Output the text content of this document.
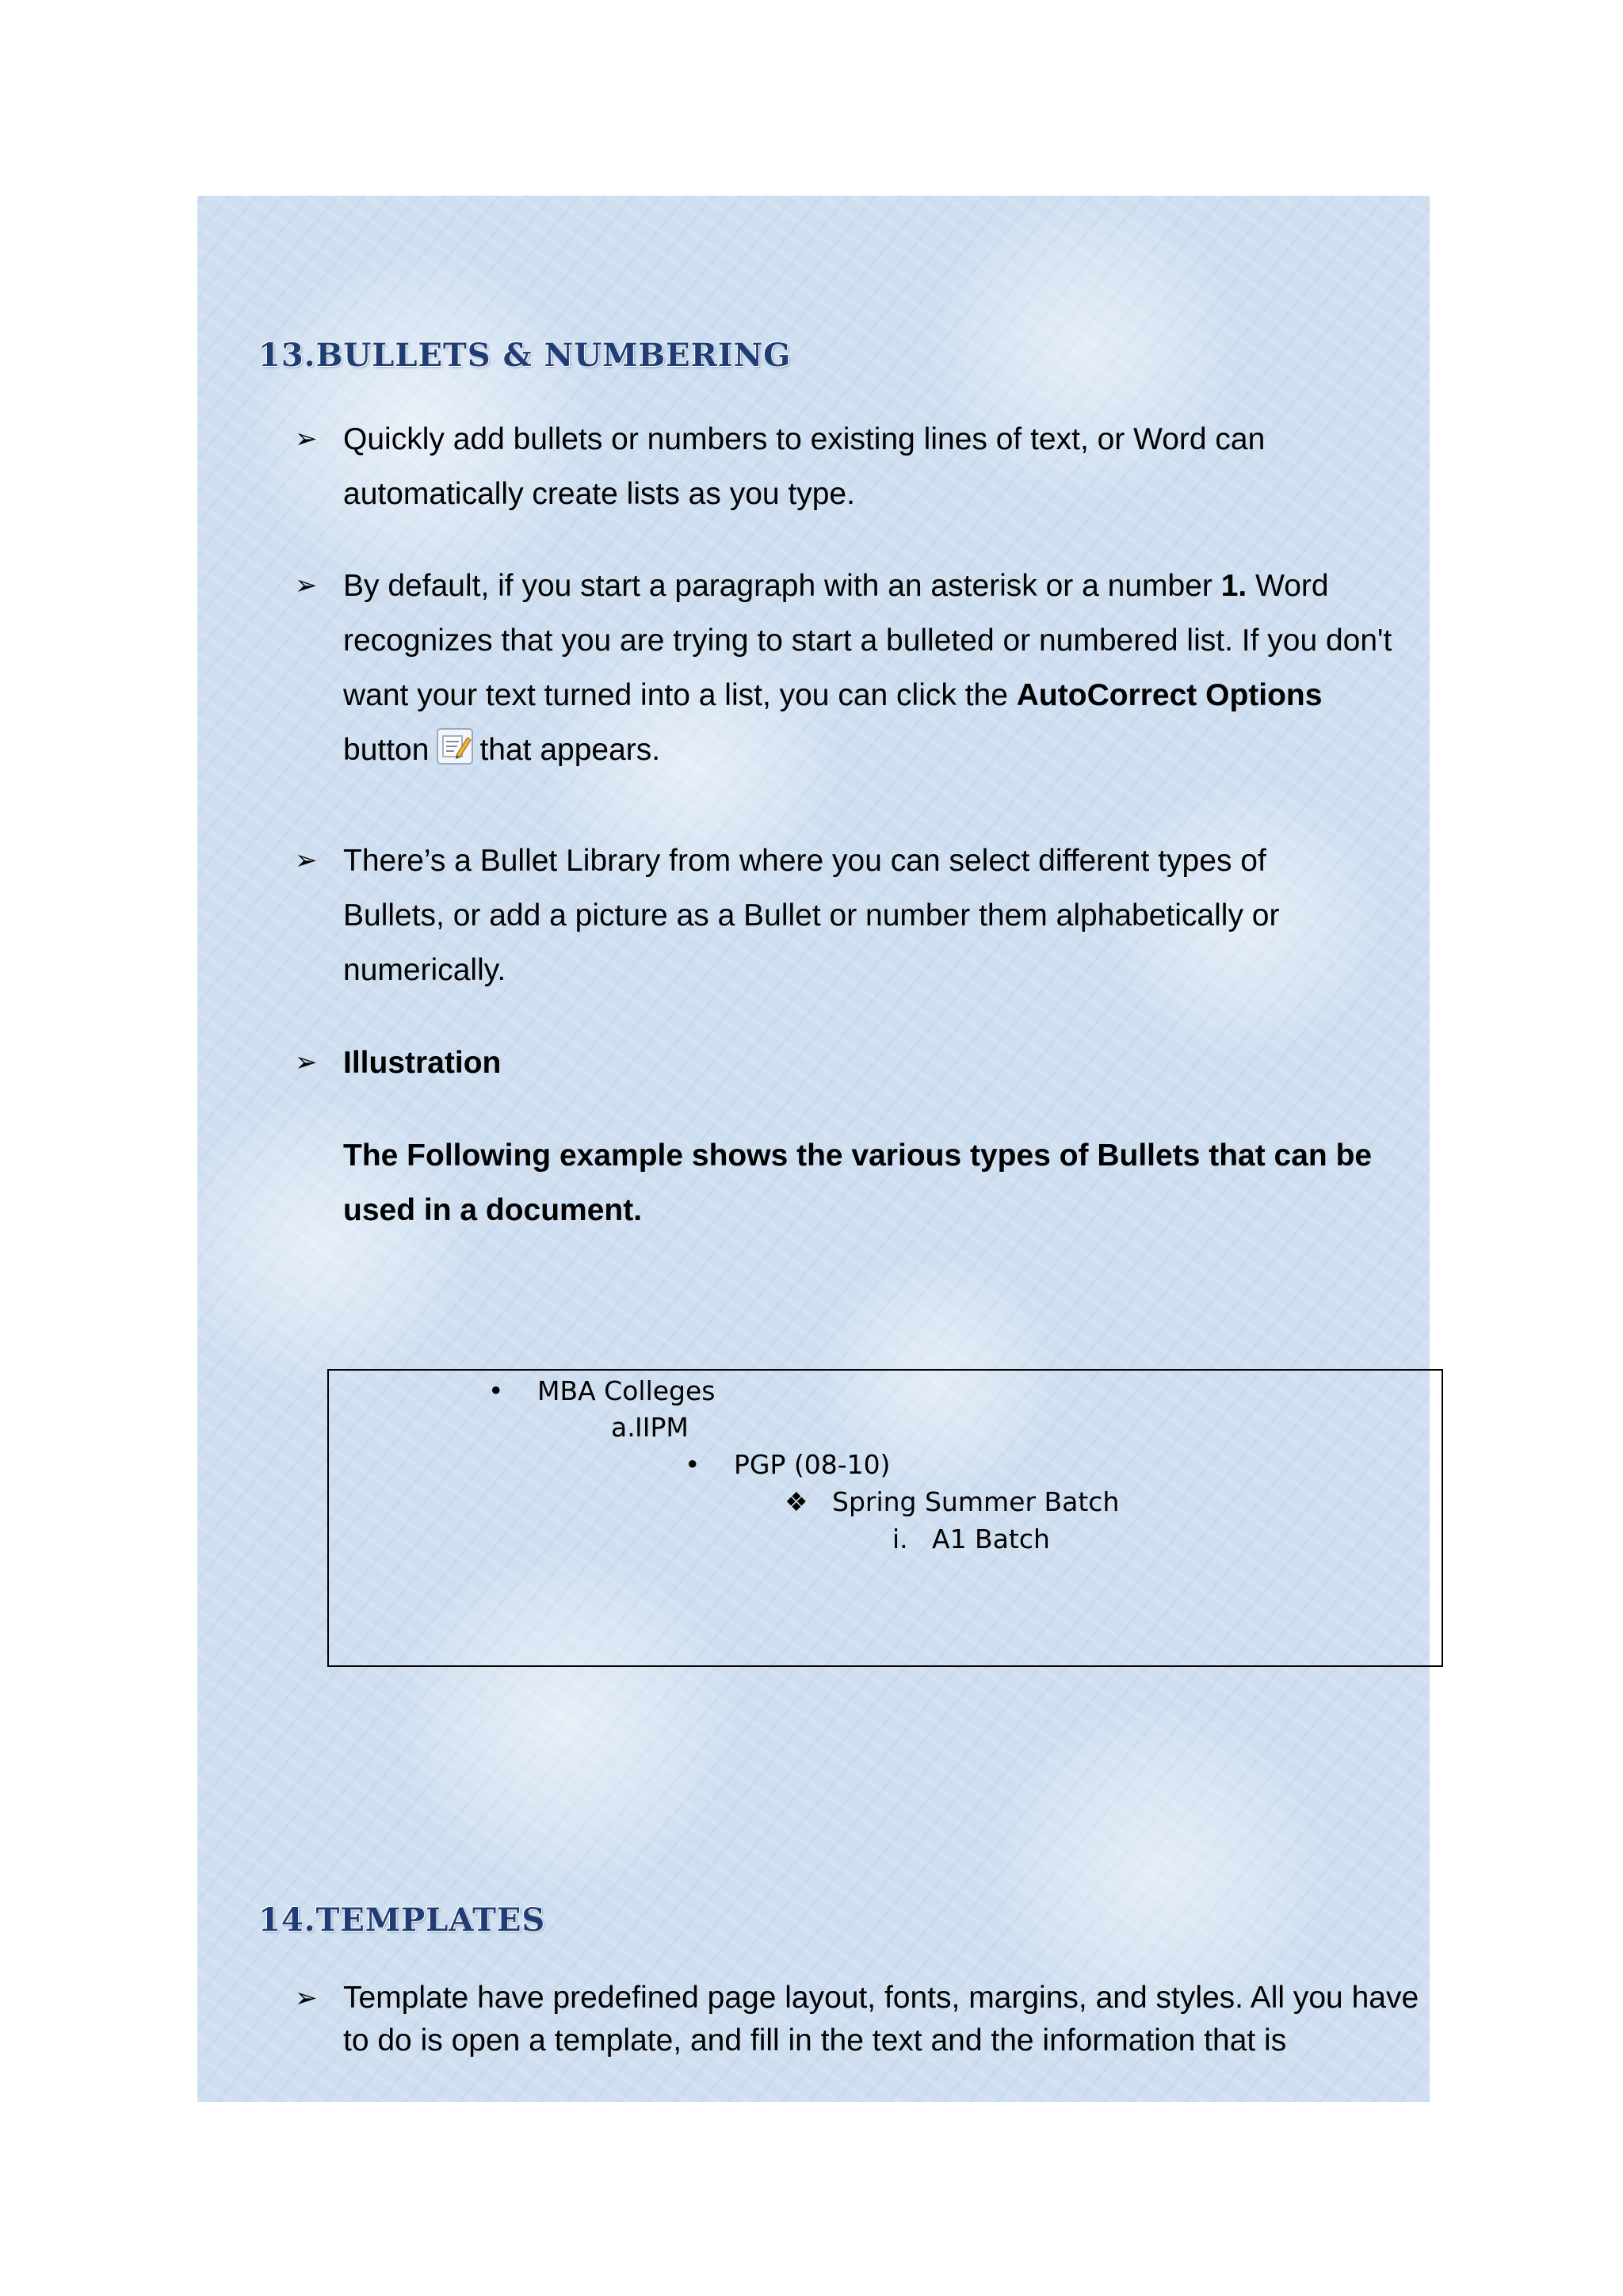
13.BULLETS & NUMBERING
➢ Quickly add bullets or numbers to existing lines of text, or Word can automatically create lists as you type.

➢ By default, if you start a paragraph with an asterisk or a number 1. Word recognizes that you are trying to start a bulleted or numbered list. If you don't want your text turned into a list, you can click the AutoCorrect Options button that appears.

➢ There’s a Bullet Library from where you can select different types of Bullets, or add a picture as a Bullet or number them alphabetically or numerically.

➢ Illustration

The Following example shows the various types of Bullets that can be used in a document.

• MBA Colleges
a.IIPM
• PGP (08-10)
❖ Spring Summer Batch
i. A1 Batch
14.TEMPLATES
➢ Template have predefined page layout, fonts, margins, and styles. All you have to do is open a template, and fill in the text and the information that is
